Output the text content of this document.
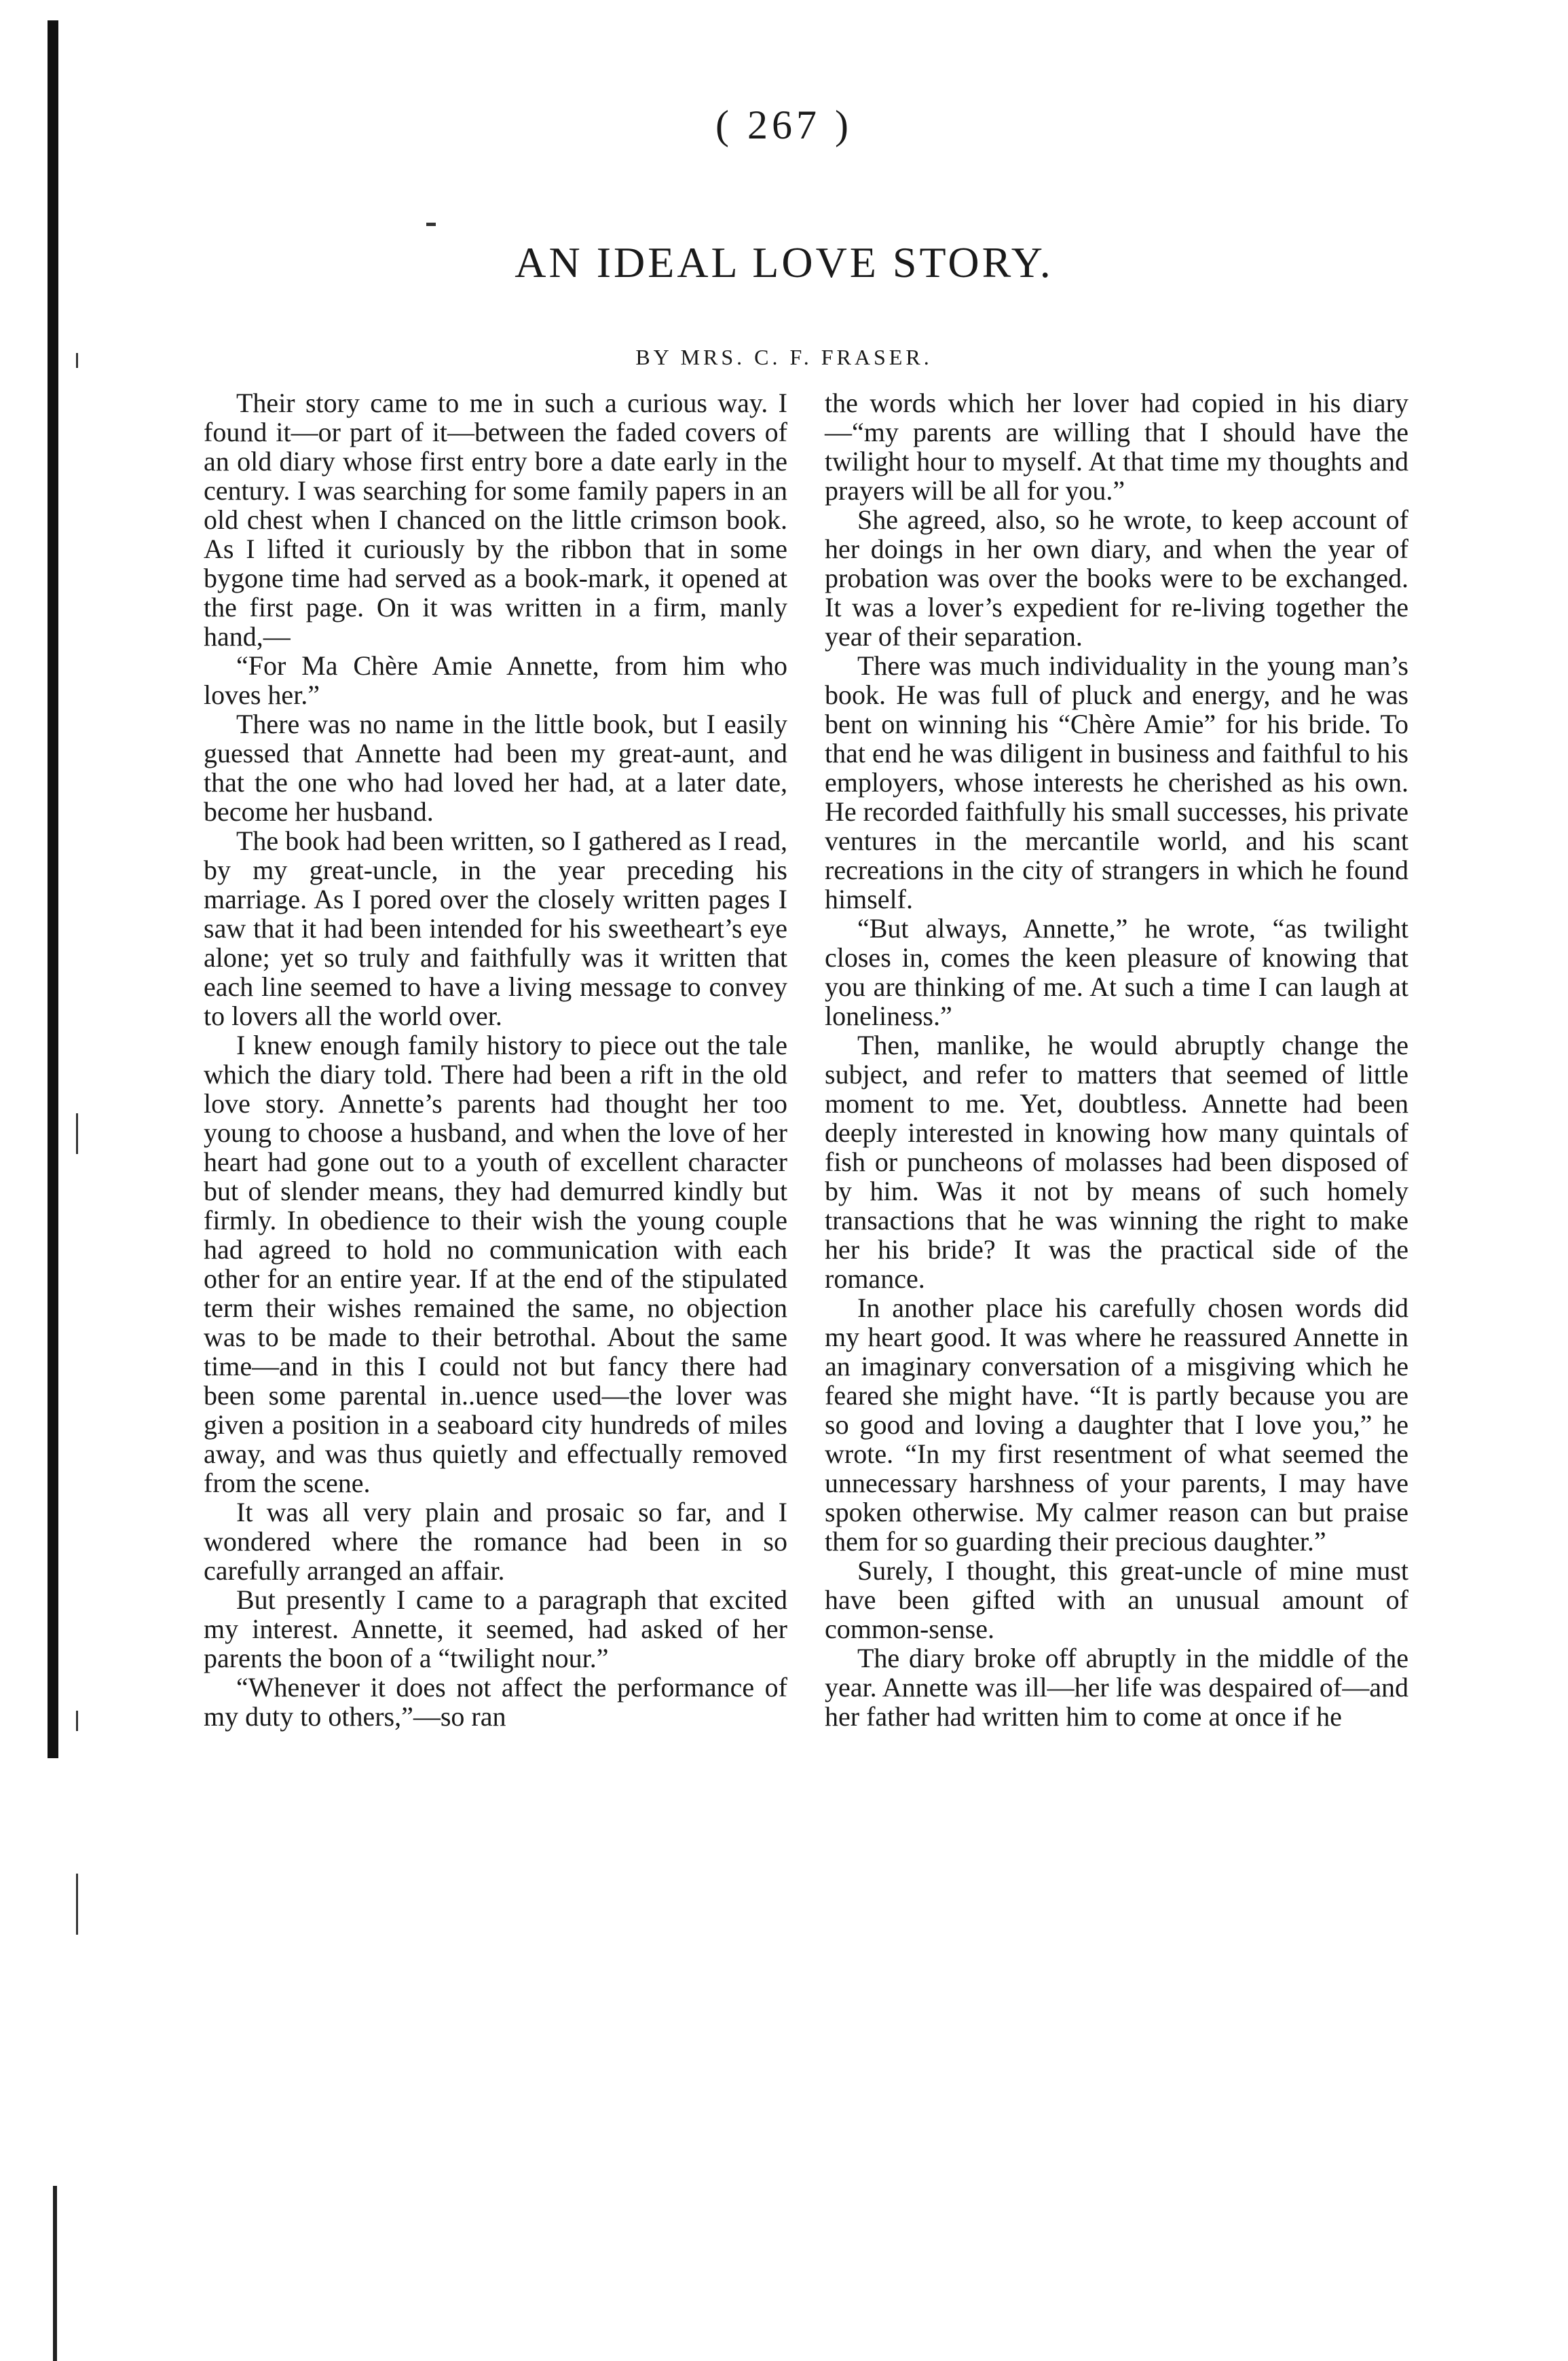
( 267 )
AN IDEAL LOVE STORY.
BY MRS. C. F. FRASER.

Their story came to me in such a curious way. I found it—or part of it—between the faded covers of an old diary whose first entry bore a date early in the century. I was searching for some family papers in an old chest when I chanced on the little crimson book. As I lifted it curiously by the ribbon that in some bygone time had served as a book-mark, it opened at the first page. On it was written in a firm, manly hand,—

“For Ma Chère Amie Annette, from him who loves her.”

There was no name in the little book, but I easily guessed that Annette had been my great-aunt, and that the one who had loved her had, at a later date, become her husband.

The book had been written, so I gathered as I read, by my great-uncle, in the year preceding his marriage. As I pored over the closely written pages I saw that it had been intended for his sweetheart’s eye alone; yet so truly and faithfully was it written that each line seemed to have a living message to convey to lovers all the world over.

I knew enough family history to piece out the tale which the diary told. There had been a rift in the old love story. Annette’s parents had thought her too young to choose a husband, and when the love of her heart had gone out to a youth of excellent character but of slender means, they had demurred kindly but firmly. In obedience to their wish the young couple had agreed to hold no communication with each other for an entire year. If at the end of the stipulated term their wishes remained the same, no objection was to be made to their betrothal. About the same time—and in this I could not but fancy there had been some parental in..uence used—the lover was given a position in a seaboard city hundreds of miles away, and was thus quietly and effectually removed from the scene.

It was all very plain and prosaic so far, and I wondered where the romance had been in so carefully arranged an affair.

But presently I came to a paragraph that excited my interest. Annette, it seemed, had asked of her parents the boon of a “twilight nour.”

“Whenever it does not affect the performance of my duty to others,”—so ran

the words which her lover had copied in his diary—“my parents are willing that I should have the twilight hour to myself. At that time my thoughts and prayers will be all for you.”

She agreed, also, so he wrote, to keep account of her doings in her own diary, and when the year of probation was over the books were to be exchanged. It was a lover’s expedient for re-living together the year of their separation.

There was much individuality in the young man’s book. He was full of pluck and energy, and he was bent on winning his “Chère Amie” for his bride. To that end he was diligent in business and faithful to his employers, whose interests he cherished as his own. He recorded faithfully his small successes, his private ventures in the mercantile world, and his scant recreations in the city of strangers in which he found himself.

“But always, Annette,” he wrote, “as twilight closes in, comes the keen pleasure of knowing that you are thinking of me. At such a time I can laugh at loneliness.”

Then, manlike, he would abruptly change the subject, and refer to matters that seemed of little moment to me. Yet, doubtless. Annette had been deeply interested in knowing how many quintals of fish or puncheons of molasses had been disposed of by him. Was it not by means of such homely transactions that he was winning the right to make her his bride? It was the practical side of the romance.

In another place his carefully chosen words did my heart good. It was where he reassured Annette in an imaginary conversation of a misgiving which he feared she might have. “It is partly because you are so good and loving a daughter that I love you,” he wrote. “In my first resentment of what seemed the unnecessary harshness of your parents, I may have spoken otherwise. My calmer reason can but praise them for so guarding their precious daughter.”

Surely, I thought, this great-uncle of mine must have been gifted with an unusual amount of common-sense.

The diary broke off abruptly in the middle of the year. Annette was ill—her life was despaired of—and her father had written him to come at once if he
